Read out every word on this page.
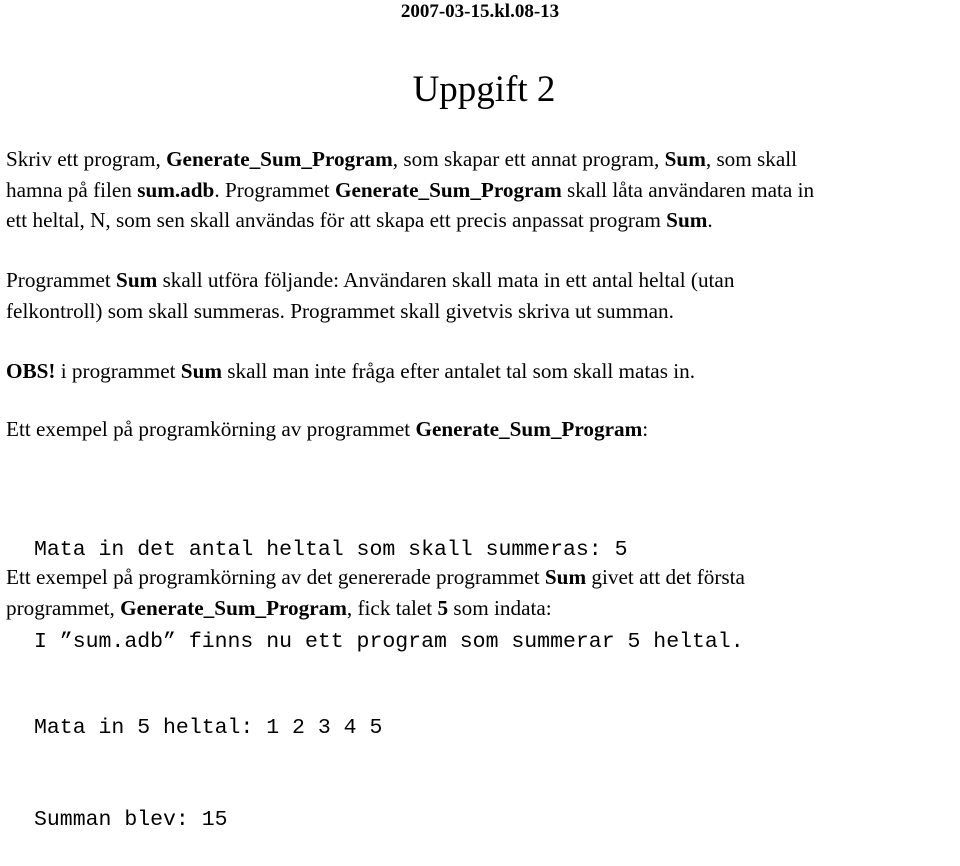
2007-03-15.kl.08-13
Uppgift 2
Skriv ett program, Generate_Sum_Program, som skapar ett annat program, Sum, som skall
hamna på filen sum.adb. Programmet Generate_Sum_Program skall låta användaren mata in
ett heltal, N, som sen skall användas för att skapa ett precis anpassat program Sum.
Programmet Sum skall utföra följande: Användaren skall mata in ett antal heltal (utan
felkontroll) som skall summeras. Programmet skall givetvis skriva ut summan.
OBS! i programmet Sum skall man inte fråga efter antalet tal som skall matas in.
Ett exempel på programkörning av programmet Generate_Sum_Program:

Mata in det antal heltal som skall summeras: 5

I ”sum.adb” finns nu ett program som summerar 5 heltal.

Ett exempel på programkörning av det genererade programmet Sum givet att det första
programmet, Generate_Sum_Program, fick talet 5 som indata:

Mata in 5 heltal: 1 2 3 4 5

Summan blev: 15
